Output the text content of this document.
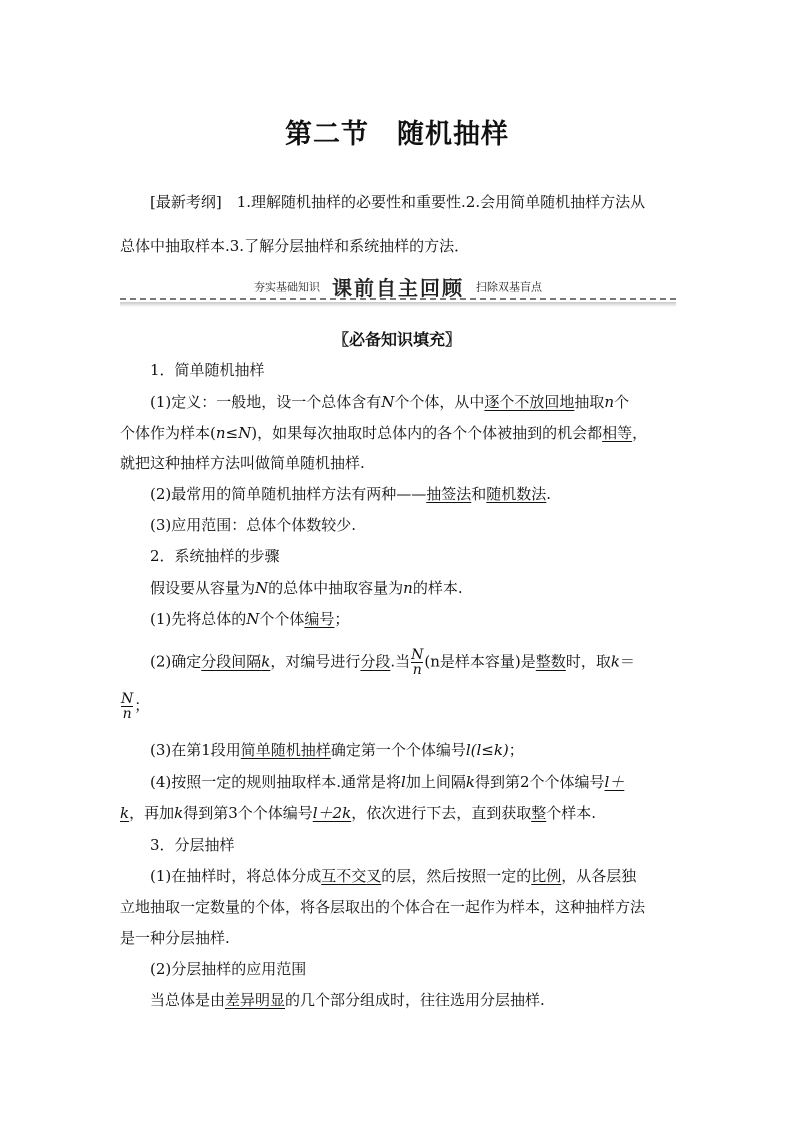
第二节 随机抽样
[最新考纲]　1.理解随机抽样的必要性和重要性.2.会用简单随机抽样方法从
总体中抽取样本.3.了解分层抽样和系统抽样的方法．
夯实基础知识 课前自主回顾 扫除双基盲点
〖必备知识填充〗
1．简单随机抽样
(1)定义：一般地，设一个总体含有N个个体，从中逐个不放回地抽取n个
个体作为样本(n≤N)，如果每次抽取时总体内的各个个体被抽到的机会都相等，
就把这种抽样方法叫做简单随机抽样.
(2)最常用的简单随机抽样方法有两种——抽签法和随机数法.
(3)应用范围：总体个体数较少.
2．系统抽样的步骤
假设要从容量为N的总体中抽取容量为n的样本.
(1)先将总体的N个个体编号；
(2)确定分段间隔k，对编号进行分段.当 $\frac{N}{n} (n$是样本容量)是整数时，取k＝
$\frac{N}{n}$ ；
(3)在第1段用简单随机抽样确定第一个个体编号l(l≤k)；
(4)按照一定的规则抽取样本.通常是将l加上间隔k得到第2个个体编号l＋
k，再加k得到第3个个体编号l＋2k，依次进行下去，直到获取整个样本.
3．分层抽样
(1)在抽样时，将总体分成互不交叉的层，然后按照一定的比例，从各层独
立地抽取一定数量的个体，将各层取出的个体合在一起作为样本，这种抽样方法
是一种分层抽样.
(2)分层抽样的应用范围
当总体是由差异明显的几个部分组成时，往往选用分层抽样.
